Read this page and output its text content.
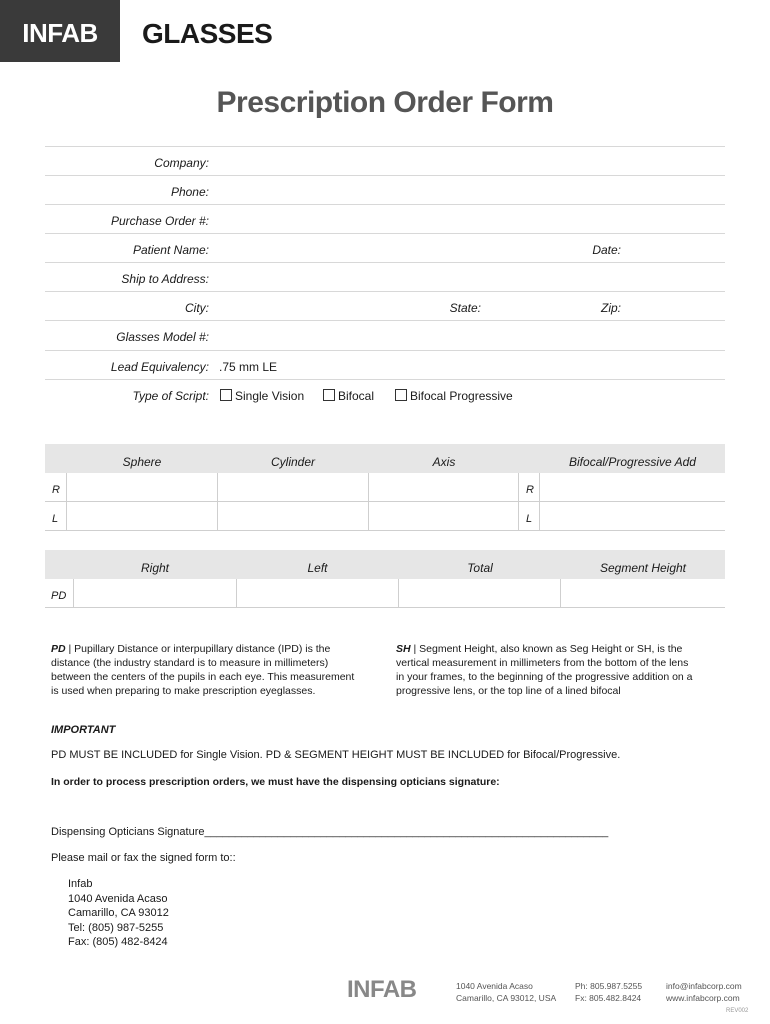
INFAB	GLASSES
Prescription Order Form
Company:
Phone:
Purchase Order #:
Patient Name:	Date:
Ship to Address:
City:	State:	Zip:
Glasses Model #:
Lead Equivalency: .75 mm LE
Type of Script:	Single Vision	Bifocal	Bifocal Progressive
Sphere	Cylinder	Axis	Bifocal/Progressive Add
R	R
L	L
Right	Left	Total	Segment Height
PD
PD | Pupillary Distance or interpupillary distance (IPD) is the
distance (the industry standard is to measure in millimeters)
between the centers of the pupils in each eye. This measurement
is used when preparing to make prescription eyeglasses.
SH | Segment Height, also known as Seg Height or SH, is the
vertical measurement in millimeters from the bottom of the lens
in your frames, to the beginning of the progressive addition on a
progressive lens, or the top line of a lined bifocal
IMPORTANT
PD MUST BE INCLUDED for Single Vision. PD & SEGMENT HEIGHT MUST BE INCLUDED for Bifocal/Progressive.
In order to process prescription orders, we must have the dispensing opticians signature:
Dispensing Opticians Signature__________________________________________________________________
Please mail or fax the signed form to::
Infab
1040 Avenida Acaso
Camarillo, CA 93012
Tel: (805) 987-5255
Fax: (805) 482-8424
INFAB	1040 Avenida Acaso
Camarillo, CA 93012, USA
Ph: 805.987.5255
Fx: 805.482.8424
info@infabcorp.com
www.infabcorp.com
REV002
